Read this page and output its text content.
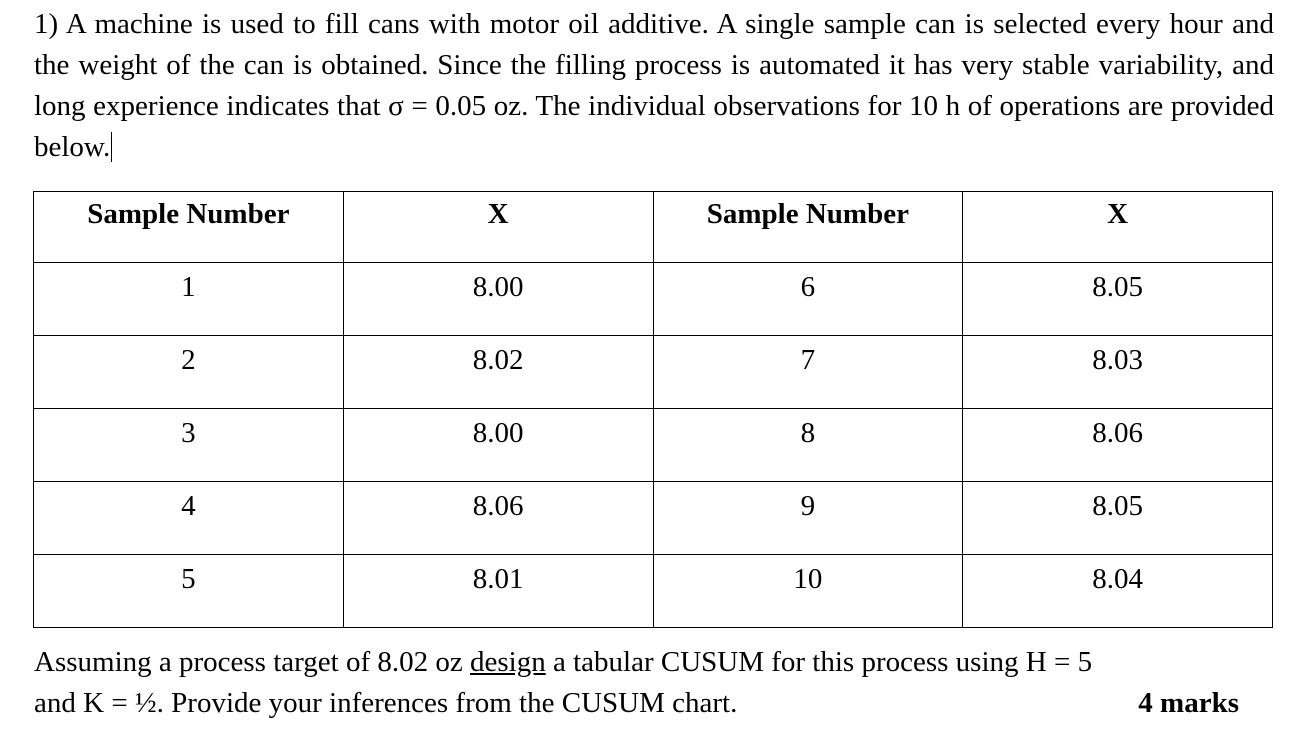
1) A machine is used to fill cans with motor oil additive. A single sample can is selected every hour and the weight of the can is obtained. Since the filling process is automated it has very stable variability, and long experience indicates that σ = 0.05 oz. The individual observations for 10 h of operations are provided below.

Sample Number	X	Sample Number	X
1	8.00	6	8.05
2	8.02	7	8.03
3	8.00	8	8.06
4	8.06	9	8.05
5	8.01	10	8.04
Assuming a process target of 8.02 oz design a tabular CUSUM for this process using H = 5
and K = ½. Provide your inferences from the CUSUM chart.	4 marks
